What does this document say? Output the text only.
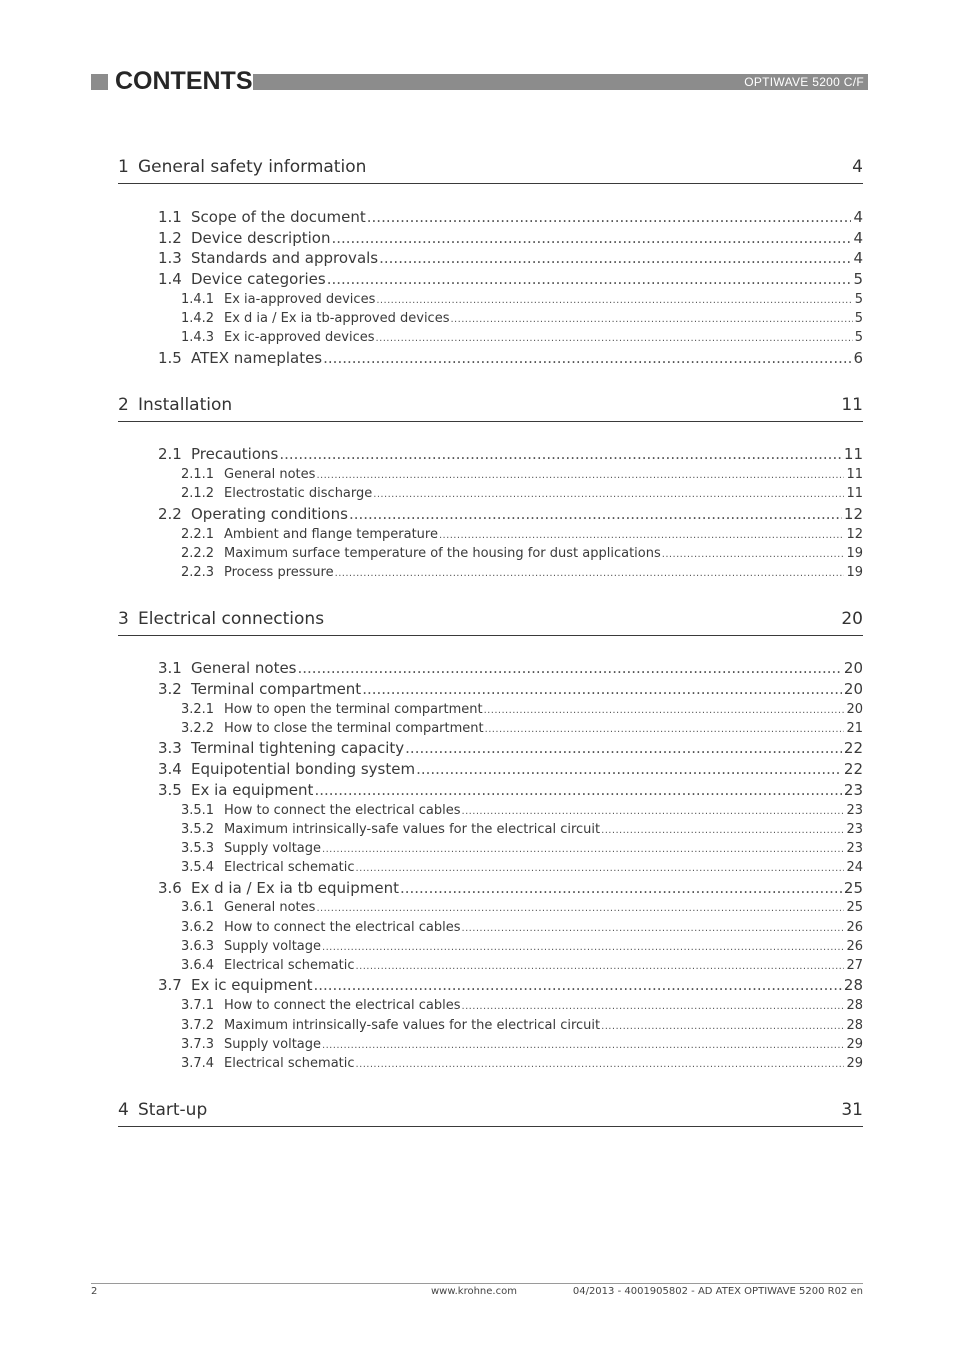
CONTENTS	OPTIWAVE 5200 C/F
1 General safety information	4
1.1 Scope of the document .....	4
1.2 Device description .....	4
1.3 Standards and approvals .....	4
1.4 Device categories .....	5
1.4.1 Ex ia-approved devices .....	5
1.4.2 Ex d ia / Ex ia tb-approved devices .....	5
1.4.3 Ex ic-approved devices .....	5
1.5 ATEX nameplates .....	6
2 Installation	11
2.1 Precautions .....	11
2.1.1 General notes .....	11
2.1.2 Electrostatic discharge .....	11
2.2 Operating conditions .....	12
2.2.1 Ambient and flange temperature .....	12
2.2.2 Maximum surface temperature of the housing for dust applications .....	19
2.2.3 Process pressure .....	19
3 Electrical connections	20
3.1 General notes .....	20
3.2 Terminal compartment .....	20
3.2.1 How to open the terminal compartment .....	20
3.2.2 How to close the terminal compartment .....	21
3.3 Terminal tightening capacity .....	22
3.4 Equipotential bonding system .....	22
3.5 Ex ia equipment .....	23
3.5.1 How to connect the electrical cables .....	23
3.5.2 Maximum intrinsically-safe values for the electrical circuit .....	23
3.5.3 Supply voltage .....	23
3.5.4 Electrical schematic .....	24
3.6 Ex d ia / Ex ia tb equipment .....	25
3.6.1 General notes .....	25
3.6.2 How to connect the electrical cables .....	26
3.6.3 Supply voltage .....	26
3.6.4 Electrical schematic .....	27
3.7 Ex ic equipment .....	28
3.7.1 How to connect the electrical cables .....	28
3.7.2 Maximum intrinsically-safe values for the electrical circuit .....	28
3.7.3 Supply voltage .....	29
3.7.4 Electrical schematic .....	29
4 Start-up	31
2	www.krohne.com	04/2013 - 4001905802 - AD ATEX OPTIWAVE 5200 R02 en
